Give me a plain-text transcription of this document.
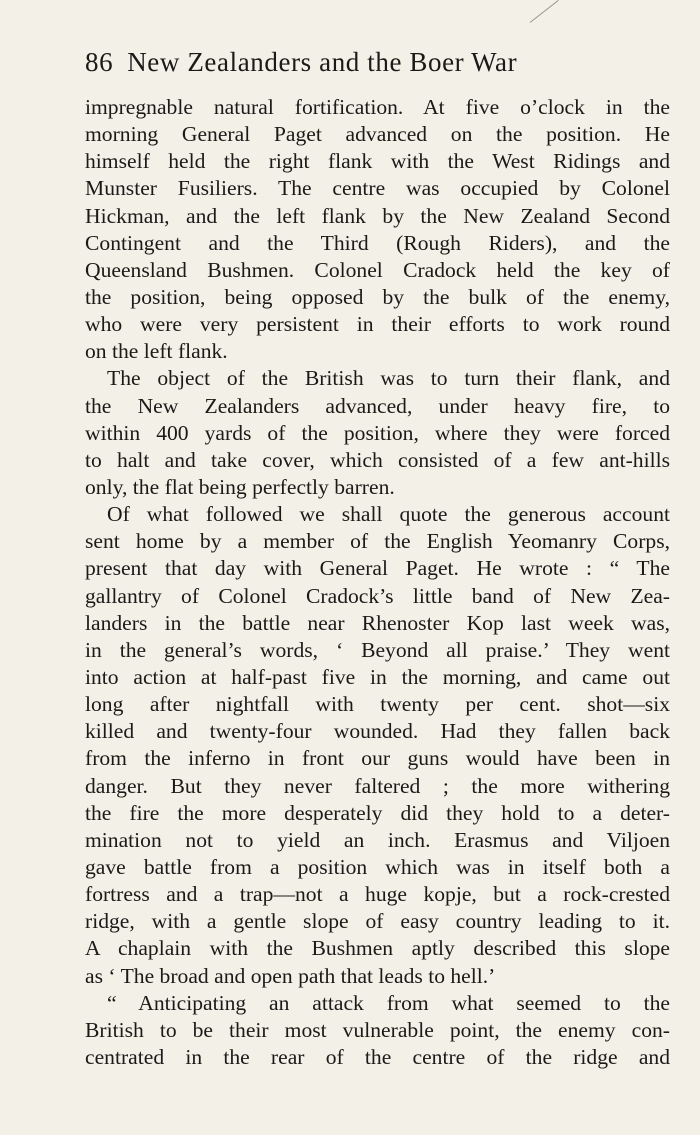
86 New Zealanders and the Boer War
impregnable natural fortification. At five o’clock in the
morning General Paget advanced on the position. He
himself held the right flank with the West Ridings and
Munster Fusiliers. The centre was occupied by Colonel
Hickman, and the left flank by the New Zealand Second
Contingent and the Third (Rough Riders), and the
Queensland Bushmen. Colonel Cradock held the key of
the position, being opposed by the bulk of the enemy,
who were very persistent in their efforts to work round
on the left flank.
The object of the British was to turn their flank, and
the New Zealanders advanced, under heavy fire, to
within 400 yards of the position, where they were forced
to halt and take cover, which consisted of a few ant-hills
only, the flat being perfectly barren.
Of what followed we shall quote the generous account
sent home by a member of the English Yeomanry Corps,
present that day with General Paget. He wrote : “ The
gallantry of Colonel Cradock’s little band of New Zea-
landers in the battle near Rhenoster Kop last week was,
in the general’s words, ‘ Beyond all praise.’ They went
into action at half-past five in the morning, and came out
long after nightfall with twenty per cent. shot—six
killed and twenty-four wounded. Had they fallen back
from the inferno in front our guns would have been in
danger. But they never faltered ; the more withering
the fire the more desperately did they hold to a deter-
mination not to yield an inch. Erasmus and Viljoen
gave battle from a position which was in itself both a
fortress and a trap—not a huge kopje, but a rock-crested
ridge, with a gentle slope of easy country leading to it.
A chaplain with the Bushmen aptly described this slope
as ‘ The broad and open path that leads to hell.’
“ Anticipating an attack from what seemed to the
British to be their most vulnerable point, the enemy con-
centrated in the rear of the centre of the ridge and
